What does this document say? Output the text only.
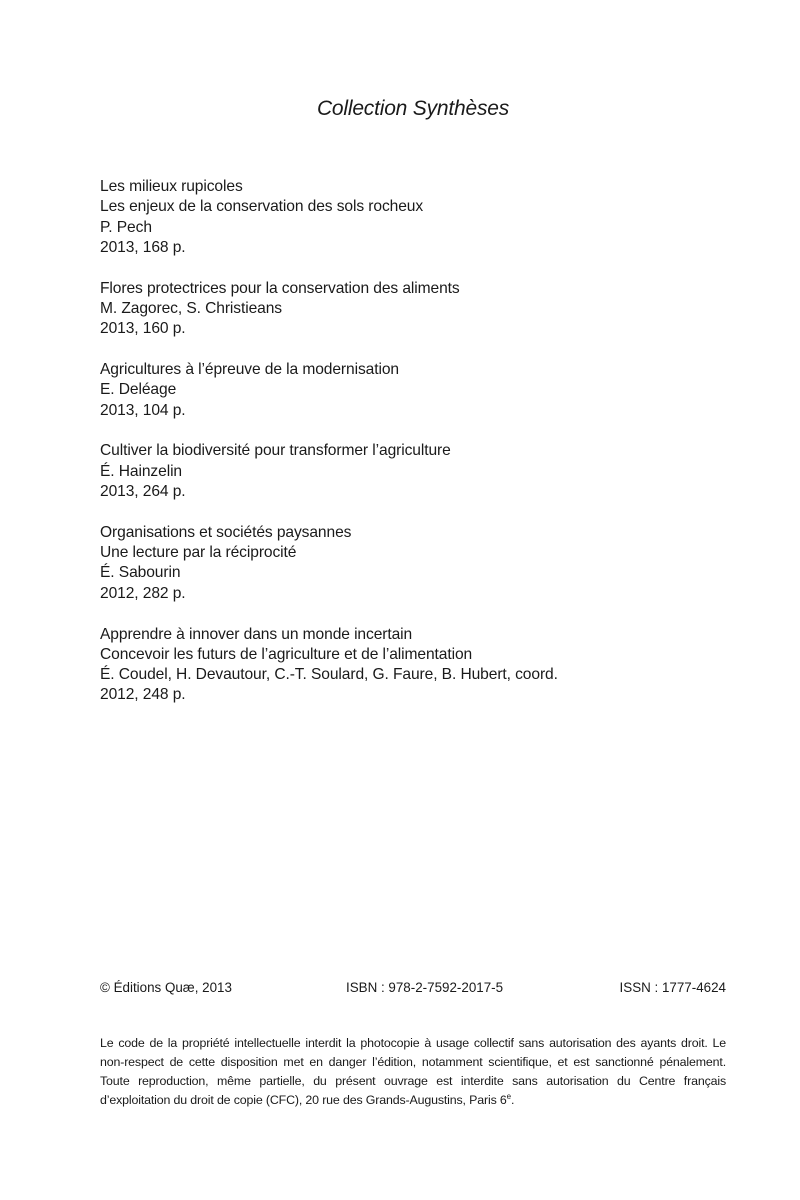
Collection Synthèses
Les milieux rupicoles
Les enjeux de la conservation des sols rocheux
P. Pech
2013, 168 p.
Flores protectrices pour la conservation des aliments
M. Zagorec, S. Christieans
2013, 160 p.
Agricultures à l’épreuve de la modernisation
E. Deléage
2013, 104 p.
Cultiver la biodiversité pour transformer l’agriculture
É. Hainzelin
2013, 264 p.
Organisations et sociétés paysannes
Une lecture par la réciprocité
É. Sabourin
2012, 282 p.
Apprendre à innover dans un monde incertain
Concevoir les futurs de l’agriculture et de l’alimentation
É. Coudel, H. Devautour, C.-T. Soulard, G. Faure, B. Hubert, coord.
2012, 248 p.
© Éditions Quæ, 2013	ISBN : 978-2-7592-2017-5	ISSN : 1777-4624
Le code de la propriété intellectuelle interdit la photocopie à usage collectif sans autorisation des ayants droit. Le non-respect de cette disposition met en danger l’édition, notamment scientifique, et est sanctionné pénalement. Toute reproduction, même partielle, du présent ouvrage est interdite sans autorisation du Centre français d’exploitation du droit de copie (CFC), 20 rue des Grands-Augustins, Paris 6e.
